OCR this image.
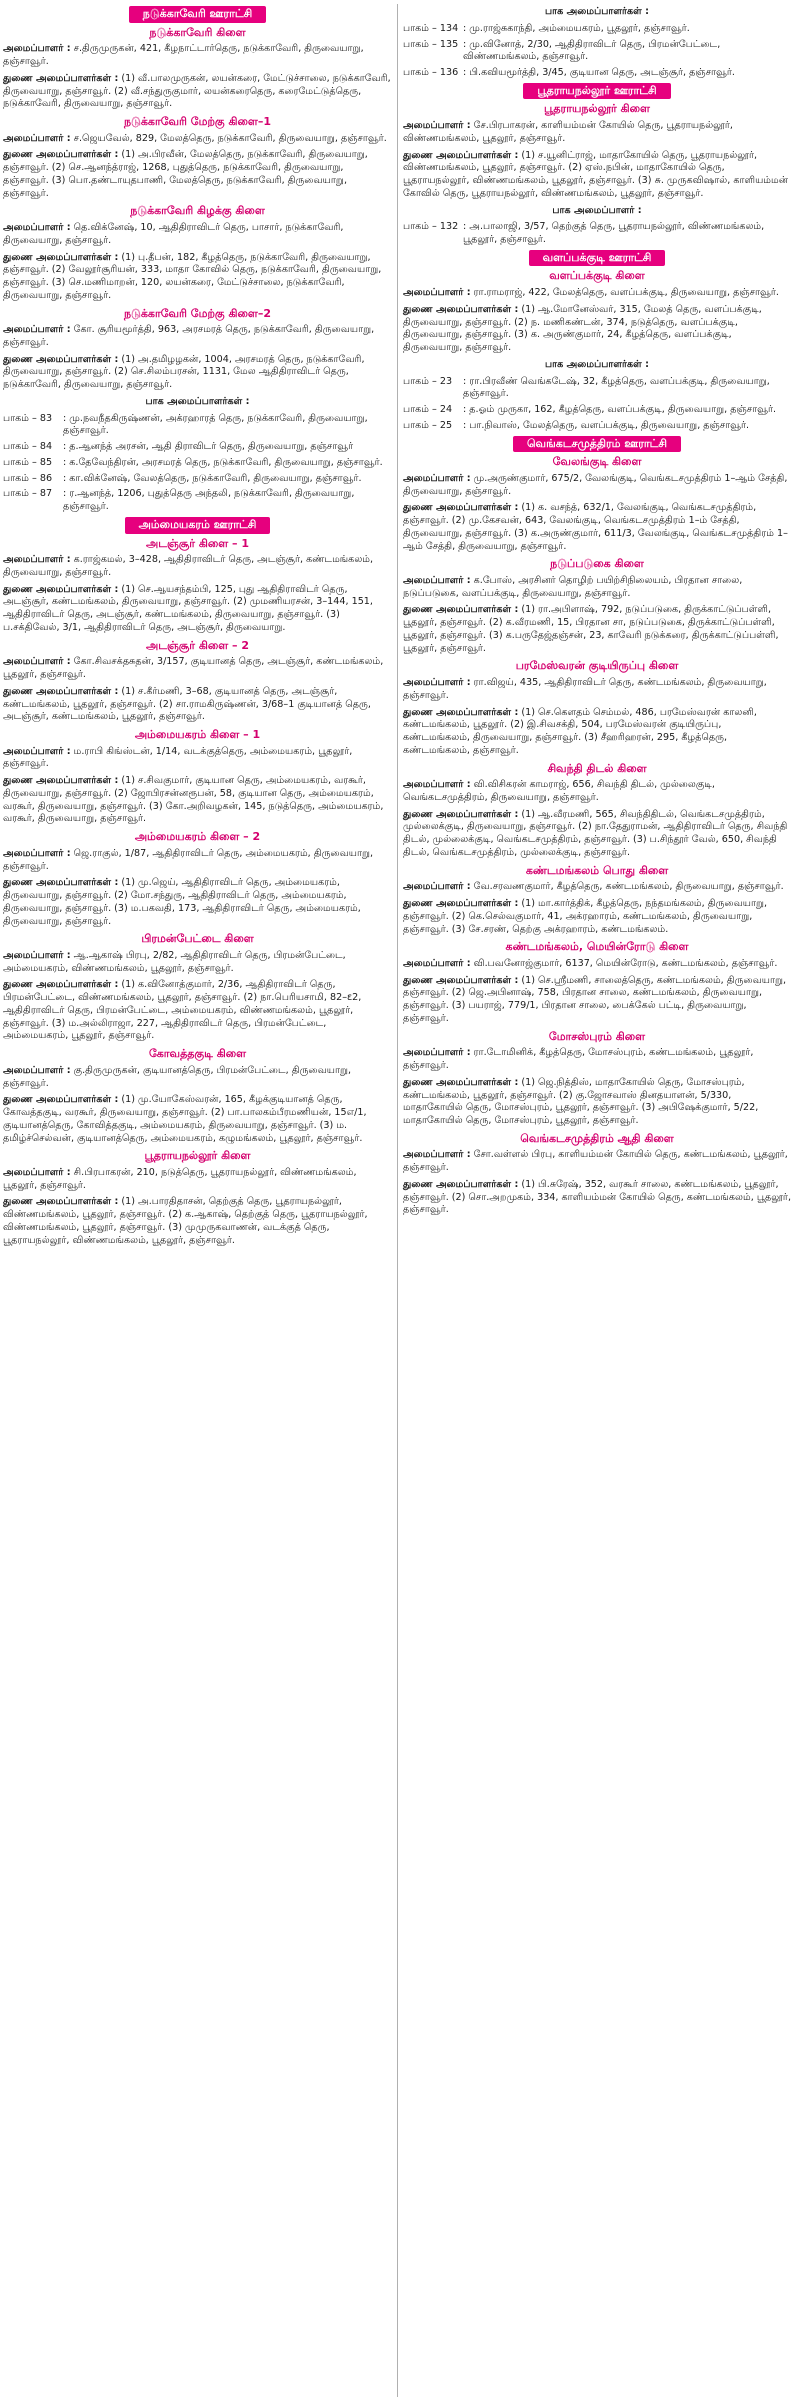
நடுக்காவேரி ஊராட்சி
நடுக்காவேரி கிளை
அமைப்பாளர் : ச.திருமுருகன், 421, கீழநாட்டார்தெரு, நடுக்காவேரி, திருவையாறு, தஞ்சாவூர்.
துணை அமைப்பாளர்கள் : (1) வீ.பாலமுருகன், லயன்கரை, மேட்டுச்சாலை, நடுக்காவேரி, திருவையாறு, தஞ்சாவூர். (2) வீ.சந்துருகுமார், லயன்கரைதெரு, கரைமேட்டுத்தெரு, நடுக்காவேரி, திருவையாறு, தஞ்சாவூர்.
நடுக்காவேரி மேற்கு கிளை–1
அமைப்பாளர் : ச.ஜெயவேல், 829, மேலத்தெரு, நடுக்காவேரி, திருவையாறு, தஞ்சாவூர்.
துணை அமைப்பாளர்கள் : (1) அ.பிரவீன், மேலத்தெரு, நடுக்காவேரி, திருவையாறு, தஞ்சாவூர். (2) செ.ஆனந்த்ராஜ், 1268, புதுத்தெரு, நடுக்காவேரி, திருவையாறு, தஞ்சாவூர். (3) பொ.தண்டாயுதபாணி, மேலத்தெரு, நடுக்காவேரி, திருவையாறு, தஞ்சாவூர்.
நடுக்காவேரி கிழக்கு கிளை
அமைப்பாளர் : தெ.விக்னேஷ், 10, ஆதிதிராவிடர் தெரு, பாசார், நடுக்காவேரி, திருவையாறு, தஞ்சாவூர்.
துணை அமைப்பாளர்கள் : (1) பு.தீபன், 182, கீழத்தெரு, நடுக்காவேரி, திருவையாறு, தஞ்சாவூர். (2) வேலூர்சூரியன், 333, மாதா கோவில் தெரு, நடுக்காவேரி, திருவையாறு, தஞ்சாவூர். (3) செ.மணிமாறன், 120, லயன்கரை, மேட்டுச்சாலை, நடுக்காவேரி, திருவையாறு, தஞ்சாவூர்.
நடுக்காவேரி மேற்கு கிளை–2
அமைப்பாளர் : கோ. சூரியமூர்த்தி, 963, அரசமரத் தெரு, நடுக்காவேரி, திருவையாறு, தஞ்சாவூர்.
துணை அமைப்பாளர்கள் : (1) அ.தமிழழகன், 1004, அரசமரத் தெரு, நடுக்காவேரி, திருவையாறு, தஞ்சாவூர். (2) செ.சிலம்பரசன், 1131, மேல ஆதிதிராவிடர் தெரு, நடுக்காவேரி, திருவையாறு, தஞ்சாவூர்.
பாக அமைப்பாளர்கள் :
பாகம் – 83	: மு.நவநீதகிருஷ்ணன், அக்ரஹாரத் தெரு, நடுக்காவேரி, திருவையாறு, தஞ்சாவூர்.
பாகம் – 84	: த.ஆனந்த் அரசன், ஆதி திராவிடர் தெரு, திருவையாறு, தஞ்சாவூர்
பாகம் – 85	: க.தேவேந்திரன், அரசமரத் தெரு, நடுக்காவேரி, திருவையாறு, தஞ்சாவூர்.
பாகம் – 86	: கா.விக்னேஷ், வேலத்தெரு, நடுக்காவேரி, திருவையாறு, தஞ்சாவூர்.
பாகம் – 87	: ர.ஆனந்த், 1206, புதுத்தெரு அந்தலி, நடுக்காவேரி, திருவையாறு, தஞ்சாவூர்.
அம்மையகரம் ஊராட்சி
அடஞ்சூர் கிளை – 1
அமைப்பாளர் : க.ராஜ்கமல், 3–428, ஆதிதிராவிடர் தெரு, அடஞ்சூர், கண்டமங்கலம், திருவையாறு, தஞ்சாவூர்.
துணை அமைப்பாளர்கள் : (1) செ.ஆயசந்தம்பி, 125, புது ஆதிதிராவிடர் தெரு, அடஞ்சூர், கண்டமங்கலம், திருவையாறு, தஞ்சாவூர். (2) முமணியரசன், 3–144, 151, ஆதிதிராவிடர் தெரு, அடஞ்சூர், கண்டமங்கலம், திருவையாறு, தஞ்சாவூர். (3) ப.சக்திவேல், 3/1, ஆதிதிராவிடர் தெரு, அடஞ்சூர், திருவையாறு.
அடஞ்சூர் கிளை – 2
அமைப்பாளர் : கோ.சிவசக்தசுதன், 3/157, குடியானத் தெரு, அடஞ்சூர், கண்டமங்கலம், பூதலூர், தஞ்சாவூர்.
துணை அமைப்பாளர்கள் : (1) ச.கீர்மணி, 3–68, குடியானத் தெரு, அடஞ்சூர், கண்டமங்கலம், பூதலூர், தஞ்சாவூர். (2) சா.ராமகிருஷ்ணன், 3/68–1 குடியானத் தெரு, அடஞ்சூர், கண்டமங்கலம், பூதலூர், தஞ்சாவூர்.
அம்மையகரம் கிளை – 1
அமைப்பாளர் : ம.ராபி கிங்ஸ்டன், 1/14, வடக்குத்தெரு, அம்மையகரம், பூதலூர், தஞ்சாவூர்.
துணை அமைப்பாளர்கள் : (1) ச.சிவகுமார், குடியான தெரு, அம்மையகரம், வரகூர், திருவையாறு, தஞ்சாவூர். (2) ஜோபிரசன்னரூபன், 58, குடியான தெரு, அம்மையகரம், வரகூர், திருவையாறு, தஞ்சாவூர். (3) கோ.அறிவழகன், 145, நடுத்தெரு, அம்மையகரம், வரகூர், திருவையாறு, தஞ்சாவூர்.
அம்மையகரம் கிளை – 2
அமைப்பாளர் : ஜெ.ராகுல், 1/87, ஆதிதிராவிடர் தெரு, அம்மையகரம், திருவையாறு, தஞ்சாவூர்.
துணை அமைப்பாளர்கள் : (1) மு.ஜெய், ஆதிதிராவிடர் தெரு, அம்மையகரம், திருவையாறு, தஞ்சாவூர். (2) மோ.சந்துரு, ஆதிதிராவிடர் தெரு, அம்மையகரம், திருவையாறு, தஞ்சாவூர். (3) ம.பகவதி, 173, ஆதிதிராவிடர் தெரு, அம்மையகரம், திருவையாறு, தஞ்சாவூர்.
பிரமன்பேட்டை கிளை
அமைப்பாளர் : ஆ.ஆகாஷ் பிரபு, 2/82, ஆதிதிராவிடர் தெரு, பிரமன்பேட்டை, அம்மையகரம், விண்ணமங்கலம், பூதலூர், தஞ்சாவூர்.
துணை அமைப்பாளர்கள் : (1) க.வினோத்குமார், 2/36, ஆதிதிராவிடர் தெரு, பிரமன்பேட்டை, விண்ணமங்கலம், பூதலூர், தஞ்சாவூர். (2) நா.பெரியசாமி, 82–ε2, ஆதிதிராவிடர் தெரு, பிரமன்பேட்டை, அம்மையகரம், விண்ணமங்கலம், பூதலூர், தஞ்சாவூர். (3) ம.அல்லிராஜா, 227, ஆதிதிராவிடர் தெரு, பிரமன்பேட்டை, அம்மையகரம், பூதலூர், தஞ்சாவூர்.
கோவத்தகுடி கிளை
அமைப்பாளர் : கு.திருமுருகன், குடியானத்தெரு, பிரமன்பேட்டை, திருவையாறு, தஞ்சாவூர்.
துணை அமைப்பாளர்கள் : (1) மு.யோகேஸ்வரன், 165, கீழக்குடியானத் தெரு, கோவத்தகுடி, வரகூர், திருவையாறு, தஞ்சாவூர். (2) பா.பாலகம்பீரமணியன், 15எ/1, குடியானத்தெரு, கோவித்தகுடி, அம்மையகரம், திருவையாறு, தஞ்சாவூர். (3) ம. தமிழ்ச்செல்வன், குடியானத்தெரு, அம்மையகரம், கழுமங்கலம், பூதலூர், தஞ்சாவூர்.
பூதராயநல்லூர் கிளை
அமைப்பாளர் : சி.பிரபாகரன், 210, நடுத்தெரு, பூதராயநல்லூர், விண்ணமங்கலம், பூதலூர், தஞ்சாவூர்.
துணை அமைப்பாளர்கள் : (1) அ.பாரதிதாசன், தெற்குத் தெரு, பூதராயநல்லூர், விண்ணமங்கலம், பூதலூர், தஞ்சாவூர். (2) க.ஆகாஷ், தெற்குத் தெரு, பூதராயநல்லூர், விண்ணமங்கலம், பூதலூர், தஞ்சாவூர். (3) முமுருகவாணன், வடக்குத் தெரு, பூதராயநல்லூர், விண்ணமங்கலம், பூதலூர், தஞ்சாவூர்.
பாக அமைப்பாளர்கள் :
பாகம் – 134 : மு.ராஜ்சுகாந்தி, அம்மையகரம், பூதலூர், தஞ்சாவூர்.
பாகம் – 135 : மு.வினோத், 2/30, ஆதிதிராவிடர் தெரு, பிரமன்பேட்டை, விண்ணமங்கலம், தஞ்சாவூர்.
பாகம் – 136 : பி.கவியமூர்த்தி, 3/45, குடியான தெரு, அடஞ்சூர், தஞ்சாவூர்.
பூதராயநல்லூர் ஊராட்சி
பூதராயநல்லூர் கிளை
அமைப்பாளர் : சே.பிரபாகரன், காளியம்மன் கோயில் தெரு, பூதராயநல்லூர், விண்ணமங்கலம், பூதலூர், தஞ்சாவூர்.
துணை அமைப்பாளர்கள் : (1) ச.யூனிட்ராஜ், மாதாகோயில் தெரு, பூதராயநல்லூர், விண்ணமங்கலம், பூதலூர், தஞ்சாவூர். (2) ஏஸ்.நபின், மாதாகோயில் தெரு, பூதராயநல்லூர், விண்ணமங்கலம், பூதலூர், தஞ்சாவூர். (3) சு. முருகவிஷால், காளியம்மன் கோவில் தெரு, பூதராயநல்லூர், விண்ணமங்கலம், பூதலூர், தஞ்சாவூர்.
பாக அமைப்பாளர் :
பாகம் – 132 : அ.பாலாஜி, 3/57, தெற்குத் தெரு, பூதராயநல்லூர், விண்ணமங்கலம், பூதலூர், தஞ்சாவூர்.
வளப்பக்குடி ஊராட்சி
வளப்பக்குடி கிளை
அமைப்பாளர் : ரா.ராமராஜ், 422, மேலத்தெரு, வளப்பக்குடி, திருவையாறு, தஞ்சாவூர்.
துணை அமைப்பாளர்கள் : (1) ஆ.மோனேஸ்வர், 315, மேலத் தெரு, வளப்பக்குடி, திருவையாறு, தஞ்சாவூர். (2) ந. மணிகண்டன், 374, நடுத்தெரு, வளப்பக்குடி, திருவையாறு, தஞ்சாவூர். (3) க. அருண்குமார், 24, கீழத்தெரு, வளப்பக்குடி, திருவையாறு, தஞ்சாவூர்.
பாக அமைப்பாளர்கள் :
பாகம் – 23	: ரா.பிரவீண் வெங்கடேஷ், 32, கீழத்தெரு, வளப்பக்குடி, திருவையாறு, தஞ்சாவூர்.
பாகம் – 24	: த.ஓம் முருகா, 162, கீழத்தெரு, வளப்பக்குடி, திருவையாறு, தஞ்சாவூர்.
பாகம் – 25	: பா.நிவாஸ், மேலத்தெரு, வளப்பக்குடி, திருவையாறு, தஞ்சாவூர்.
வெங்கடசமுத்திரம் ஊராட்சி
வேலங்குடி கிளை
அமைப்பாளர் : மு.அருண்குமார், 675/2, வேலங்குடி, வெங்கடசமுத்திரம் 1–ஆம் சேத்தி, திருவையாறு, தஞ்சாவூர்.
துணை அமைப்பாளர்கள் : (1) க. வசந்த், 632/1, வேலங்குடி, வெங்கடசமுத்திரம், தஞ்சாவூர். (2) மு.கேசவன், 643, வேலங்குடி, வெங்கடசமுத்திரம் 1–ம் சேத்தி, திருவையாறு, தஞ்சாவூர். (3) க.அருண்குமார், 611/3, வேலங்குடி, வெங்கடசமுத்திரம் 1–ஆம் சேத்தி, திருவையாறு, தஞ்சாவூர்.
நடுப்படுகை கிளை
அமைப்பாளர் : க.போஸ், அரசினர் தொழிற் பயிற்சிநிலையம், பிரதான சாலை, நடுப்படுகை, வளப்பக்குடி, திருவையாறு, தஞ்சாவூர்.
துணை அமைப்பாளர்கள் : (1) ரா.அபிளாஷ், 792, நடுப்படுகை, திருக்காட்டுப்பள்ளி, பூதலூர், தஞ்சாவூர். (2) க.வீரமணி, 15, பிரதான சா, நடுப்படுகை, திருக்காட்டுப்பள்ளி, பூதலூர், தஞ்சாவூர். (3) க.பருதேஜ்தஞ்சன், 23, காவேரி நடுக்கரை, திருக்காட்டுப்பள்ளி, பூதலூர், தஞ்சாவூர்.
பரமேஸ்வரன் குடியிருப்பு கிளை
அமைப்பாளர் : ரா.விஜய், 435, ஆதிதிராவிடர் தெரு, கண்டமங்கலம், திருவையாறு, தஞ்சாவூர்.
துணை அமைப்பாளர்கள் : (1) செ.கௌதம் செம்மல், 486, பரமேஸ்வரன் காலனி, கண்டமங்கலம், பூதலூர். (2) இ.சிவசக்தி, 504, பரமேஸ்வரன் குடியிருப்பு, கண்டமங்கலம், திருவையாறு, தஞ்சாவூர். (3) சீஹரிஹரன், 295, கீழத்தெரு, கண்டமங்கலம், தஞ்சாவூர்.
சிவந்தி திடல் கிளை
அமைப்பாளர் : வி.விசிகரன் காமராஜ், 656, சிவந்தி திடல், முல்லைகுடி, வெங்கடசமுத்திரம், திருவையாறு, தஞ்சாவூர்.
துணை அமைப்பாளர்கள் : (1) ஆ.வீரமணி, 565, சிவந்திதிடல், வெங்கடசமுத்திரம், முல்லைக்குடி, திருவையாறு, தஞ்சாவூர். (2) நா.தேதுராமன், ஆதிதிராவிடர் தெரு, சிவந்தி திடல், முல்லைக்குடி, வெங்கடசமுத்திரம், தஞ்சாவூர். (3) ப.சிந்தூர் வேல், 650, சிவந்தி திடல், வெங்கடசமுத்திரம், முல்லைக்குடி, தஞ்சாவூர்.
கண்டமங்கலம் பொது கிளை
அமைப்பாளர் : வே.சரவணகுமார், கீழத்தெரு, கண்டமங்கலம், திருவையாறு, தஞ்சாவூர்.
துணை அமைப்பாளர்கள் : (1) மா.கார்த்திக், கீழத்தெரு, நந்தமங்கலம், திருவையாறு, தஞ்சாவூர். (2) கெ.செல்வகுமார், 41, அக்ரஹாரம், கண்டமங்கலம், திருவையாறு, தஞ்சாவூர். (3) சே.சரண், தெற்கு அக்ரஹாரம், கண்டமங்கலம்.
கண்டமங்கலம், மெயின்ரோடு கிளை
அமைப்பாளர் : வி.பவனோஜ்குமார், 6137, மெயின்ரோடு, கண்டமங்கலம், தஞ்சாவூர்.
துணை அமைப்பாளர்கள் : (1) செ.ஸ்ரீமணி, சாலைத்தெரு, கண்டமங்கலம், திருவையாறு, தஞ்சாவூர். (2) ஜெ.அபினாஷ், 758, பிரதான சாலை, கண்டமங்கலம், திருவையாறு, தஞ்சாவூர். (3) பயராஜ், 779/1, பிரதான சாலை, பைக்கேல் பட்டி, திருவையாறு, தஞ்சாவூர்.
மோசஸ்புரம் கிளை
அமைப்பாளர் : ரா.டோமினிக், கீழத்தெரு, மோசஸ்புரம், கண்டமங்கலம், பூதலூர், தஞ்சாவூர்.
துணை அமைப்பாளர்கள் : (1) ஜெ.நித்திஸ், மாதாகோயில் தெரு, மோசஸ்புரம், கண்டமங்கலம், பூதலூர், தஞ்சாவூர். (2) கு.ஜோசவாஸ் தினதயாளன், 5/330, மாதாகோயில் தெரு, மோசஸ்புரம், பூதலூர், தஞ்சாவூர். (3) அபிஷேக்குமார், 5/22, மாதாகோயில் தெரு, மோசஸ்புரம், பூதலூர், தஞ்சாவூர்.
வெங்கடசமுத்திரம் ஆதி கிளை
அமைப்பாளர் : சோ.வள்ளல் பிரபு, காளியம்மன் கோயில் தெரு, கண்டமங்கலம், பூதலூர், தஞ்சாவூர்.
துணை அமைப்பாளர்கள் : (1) பி.சுரேஷ், 352, வரகூர் சாலை, கண்டமங்கலம், பூதலூர், தஞ்சாவூர். (2) சொ.அறமுகம், 334, காளியம்மன் கோயில் தெரு, கண்டமங்கலம், பூதலூர், தஞ்சாவூர்.
